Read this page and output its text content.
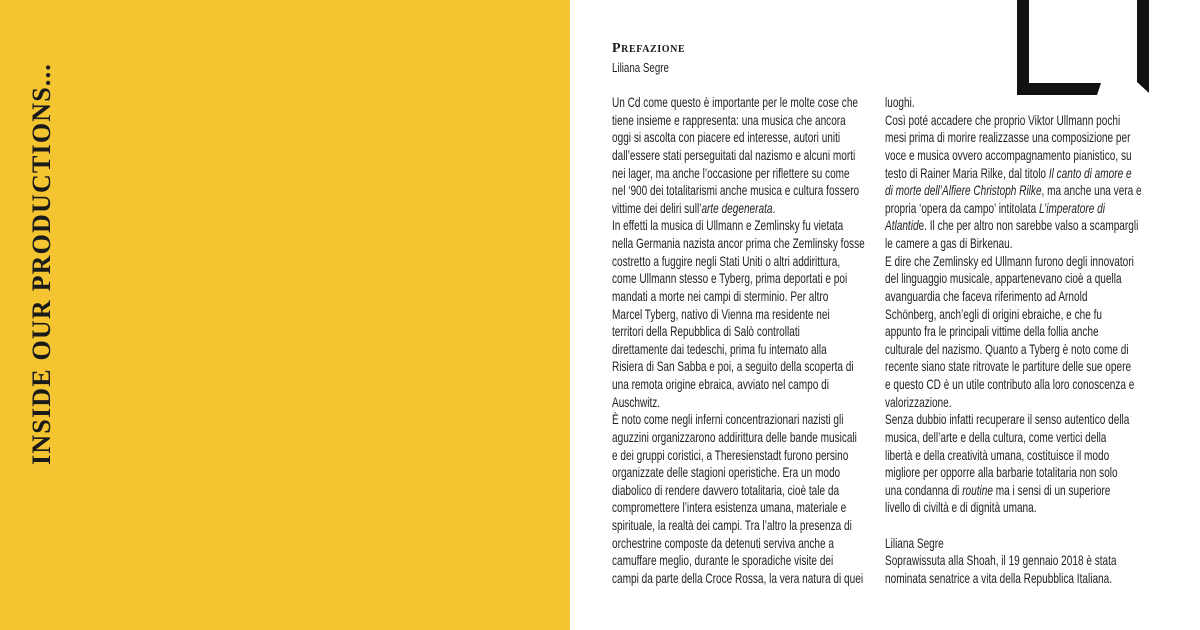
INSIDE OUR PRODUCTIONS...
Prefazione
Liliana Segre
Un Cd come questo è importante per le molte cose che
tiene insieme e rappresenta: una musica che ancora
oggi si ascolta con piacere ed interesse, autori uniti
dall’essere stati perseguitati dal nazismo e alcuni morti
nei lager, ma anche l’occasione per riflettere su come
nel ‘900 dei totalitarismi anche musica e cultura fossero
vittime dei deliri sull’arte degenerata.
In effetti la musica di Ullmann e Zemlinsky fu vietata
nella Germania nazista ancor prima che Zemlinsky fosse
costretto a fuggire negli Stati Uniti o altri addirittura,
come Ullmann stesso e Tyberg, prima deportati e poi
mandati a morte nei campi di sterminio. Per altro
Marcel Tyberg, nativo di Vienna ma residente nei
territori della Repubblica di Salò controllati
direttamente dai tedeschi, prima fu internato alla
Risiera di San Sabba e poi, a seguito della scoperta di
una remota origine ebraica, avviato nel campo di
Auschwitz.
È noto come negli inferni concentrazionari nazisti gli
aguzzini organizzarono addirittura delle bande musicali
e dei gruppi coristici, a Theresienstadt furono persino
organizzate delle stagioni operistiche. Era un modo
diabolico di rendere davvero totalitaria, cioè tale da
compromettere l’intera esistenza umana, materiale e
spirituale, la realtà dei campi. Tra l’altro la presenza di
orchestrine composte da detenuti serviva anche a
camuffare meglio, durante le sporadiche visite dei
campi da parte della Croce Rossa, la vera natura di quei
luoghi.
Così poté accadere che proprio Viktor Ullmann pochi
mesi prima di morire realizzasse una composizione per
voce e musica ovvero accompagnamento pianistico, su
testo di Rainer Maria Rilke, dal titolo Il canto di amore e
di morte dell’Alfiere Christoph Rilke, ma anche una vera e
propria ‘opera da campo’ intitolata L’imperatore di
Atlantide. Il che per altro non sarebbe valso a scampargli
le camere a gas di Birkenau.
E dire che Zemlinsky ed Ullmann furono degli innovatori
del linguaggio musicale, appartenevano cioè a quella
avanguardia che faceva riferimento ad Arnold
Schönberg, anch’egli di origini ebraiche, e che fu
appunto fra le principali vittime della follia anche
culturale del nazismo. Quanto a Tyberg è noto come di
recente siano state ritrovate le partiture delle sue opere
e questo CD è un utile contributo alla loro conoscenza e
valorizzazione.
Senza dubbio infatti recuperare il senso autentico della
musica, dell’arte e della cultura, come vertici della
libertà e della creatività umana, costituisce il modo
migliore per opporre alla barbarie totalitaria non solo
una condanna di routine ma i sensi di un superiore
livello di civiltà e di dignità umana.
Liliana Segre
Soprawissuta alla Shoah, il 19 gennaio 2018 è stata
nominata senatrice a vita della Repubblica Italiana.
